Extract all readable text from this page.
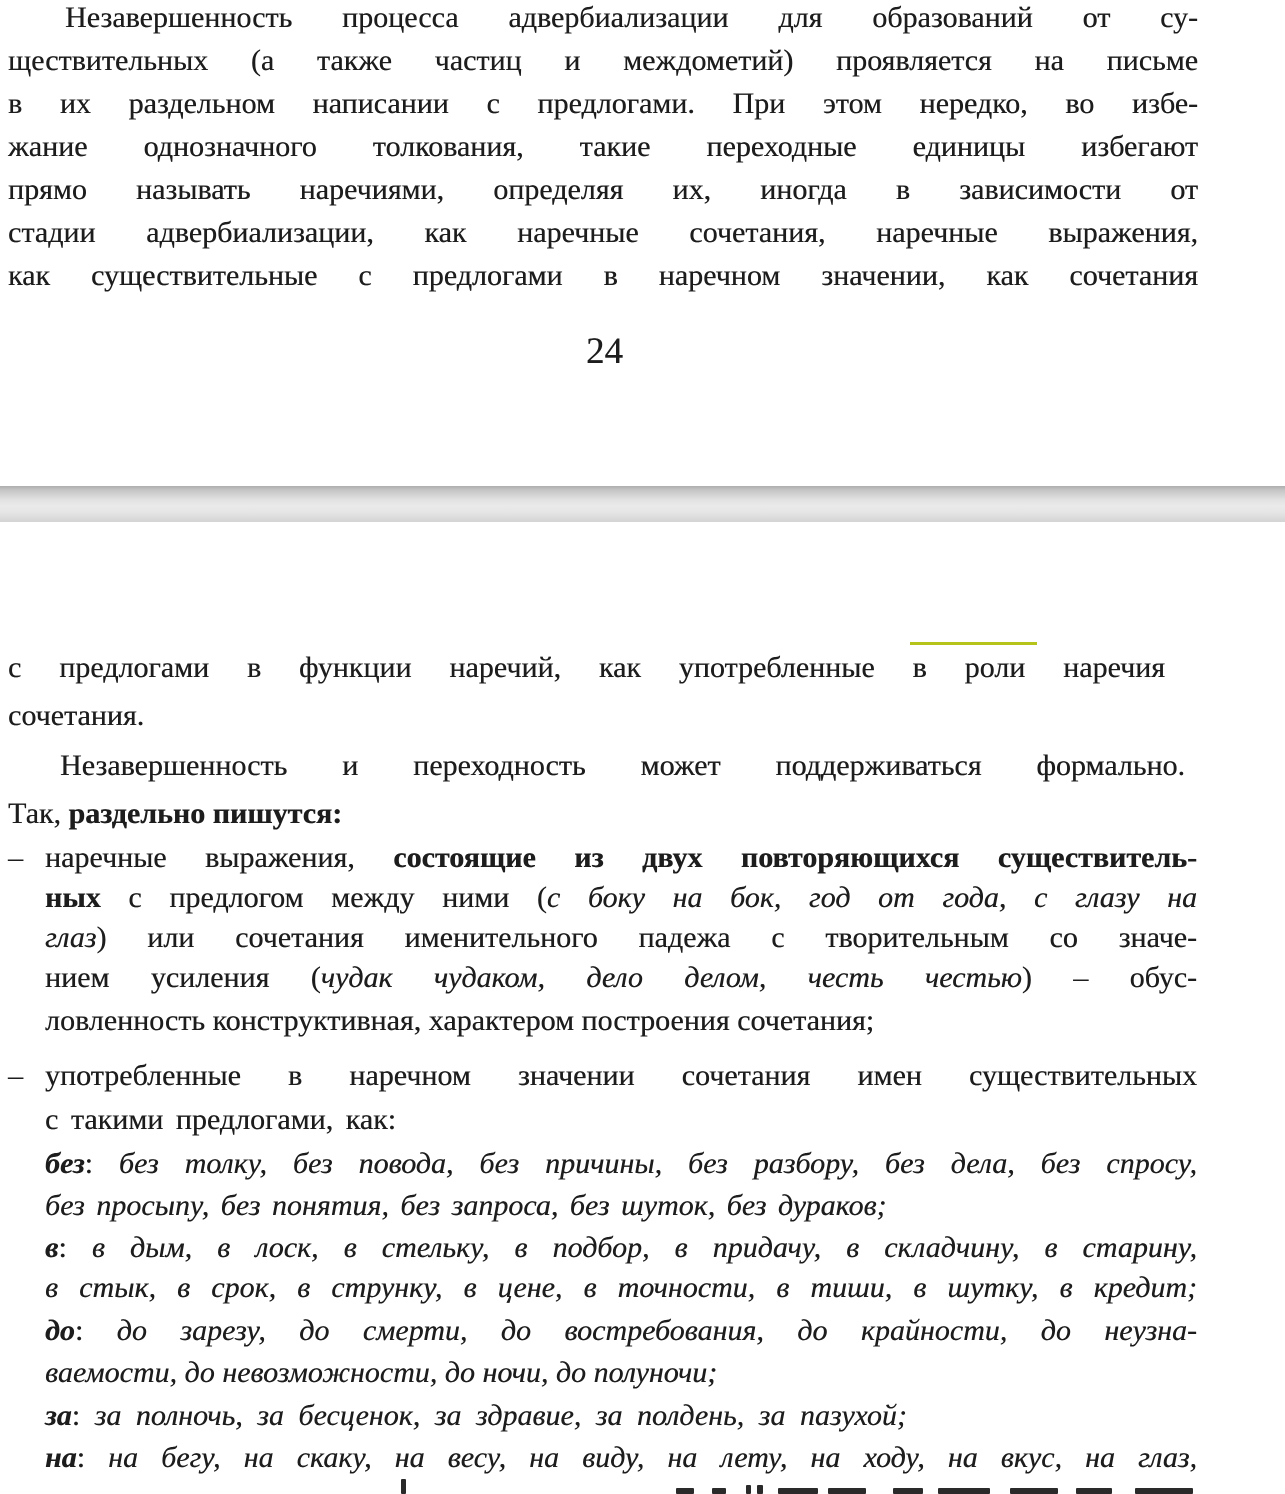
Незавершенность процесса адвербиализации для образований от су-
ществительных (а также частиц и междометий) проявляется на письме
в их раздельном написании с предлогами. При этом нередко, во избе-
жание однозначного толкования, такие переходные единицы избегают
прямо называть наречиями, определяя их, иногда в зависимости от
стадии адвербиализации, как наречные сочетания, наречные выражения,
как существительные с предлогами в наречном значении, как сочетания
24
с предлогами в функции наречий, как употребленные в роли наречия
сочетания.
Незавершенность и переходность может поддерживаться формально.
Так, раздельно пишутся:
– наречные выражения, состоящие из двух повторяющихся существитель-
ных с предлогом между ними (с боку на бок, год от года, с глазу на
глаз) или сочетания именительного падежа с творительным со значе-
нием усиления (чудак чудаком, дело делом, честь честью) – обус-
ловленность конструктивная, характером построения сочетания;
– употребленные в наречном значении сочетания имен существительных
с такими предлогами, как:
без: без толку, без повода, без причины, без разбору, без дела, без спросу,
без просыпу, без понятия, без запроса, без шуток, без дураков;
в: в дым, в лоск, в стельку, в подбор, в придачу, в складчину, в старину,
в стык, в срок, в струнку, в цене, в точности, в тиши, в шутку, в кредит;
до: до зарезу, до смерти, до востребования, до крайности, до неузна-
ваемости, до невозможности, до ночи, до полуночи;
за: за полночь, за бесценок, за здравие, за полдень, за пазухой;
на: на бегу, на скаку, на весу, на виду, на лету, на ходу, на вкус, на глаз,
